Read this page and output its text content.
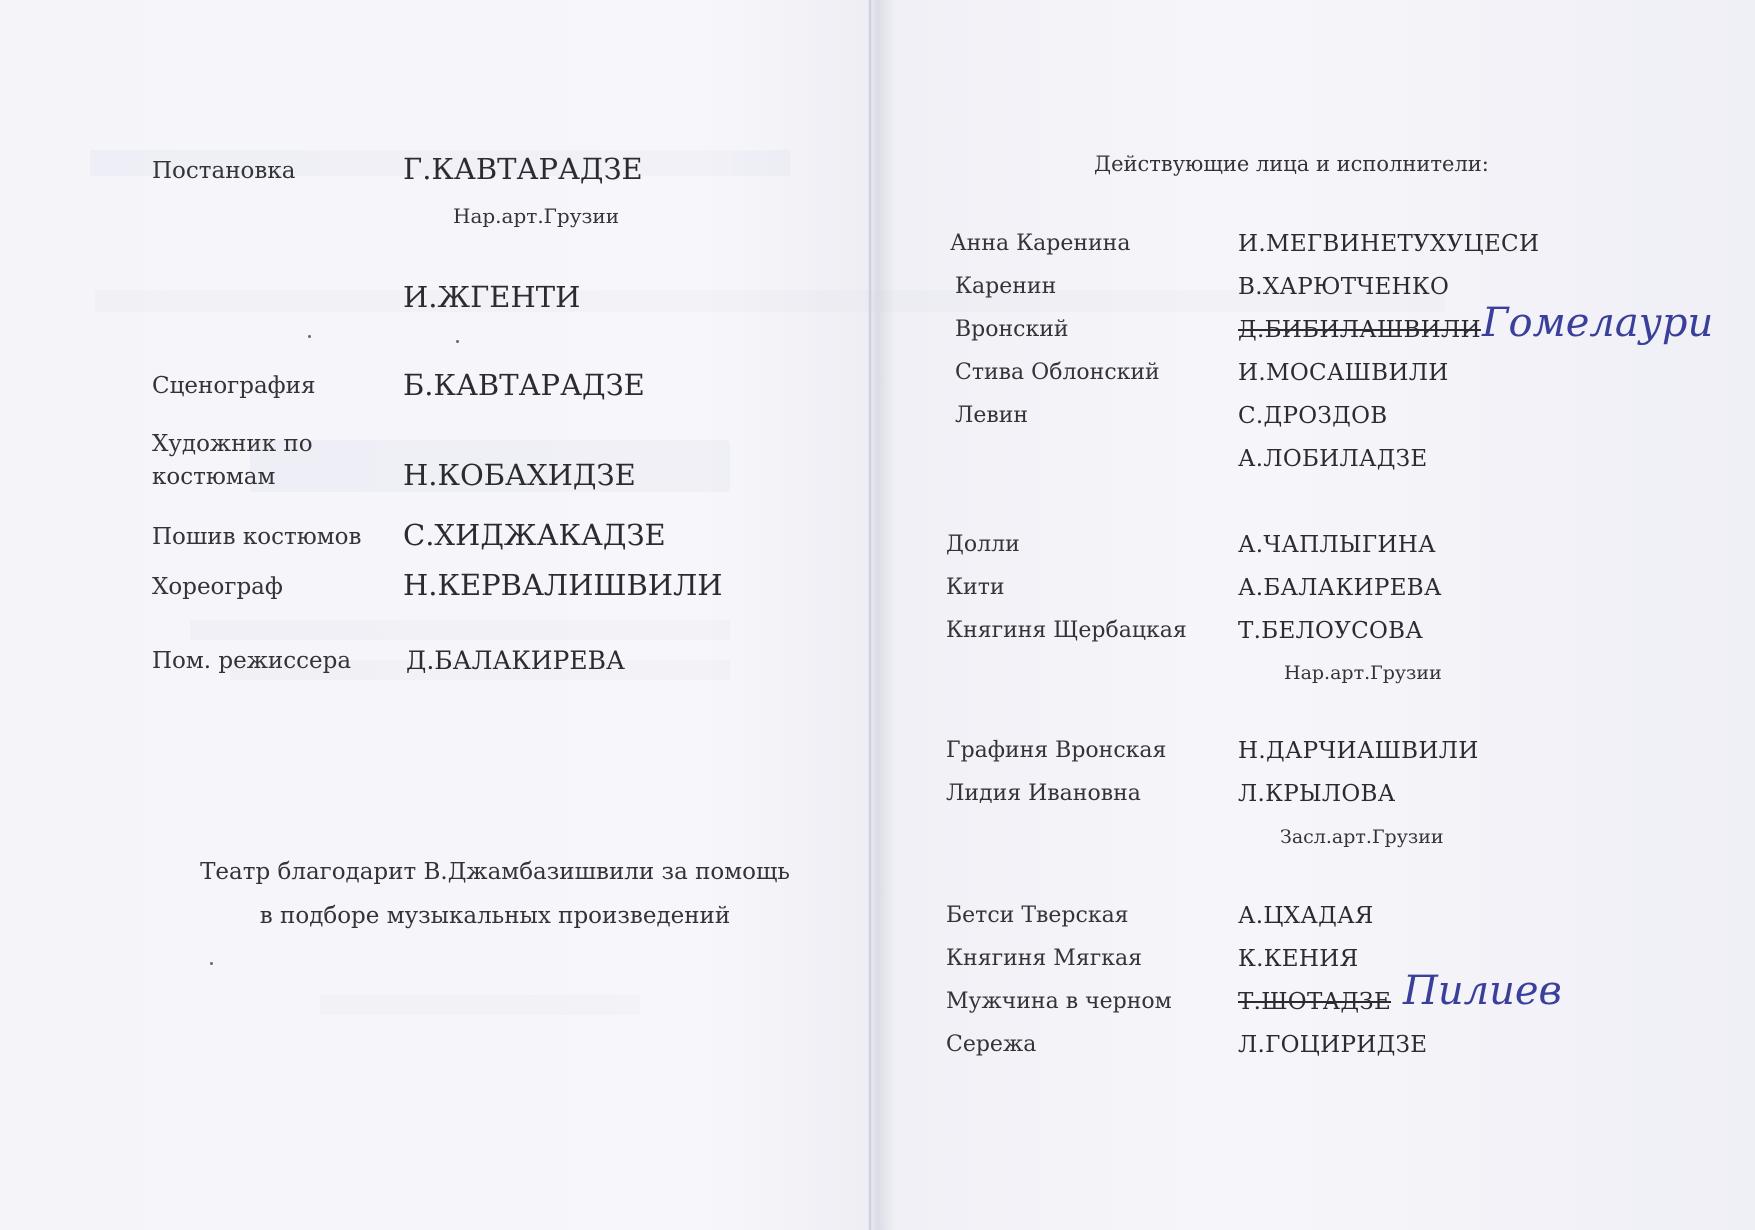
Постановка	Г.КАВТАРАДЗЕ
Нар.арт.Грузии
И.ЖГЕНТИ
Сценография	Б.КАВТАРАДЗЕ
Художник по
костюмам	Н.КОБАХИДЗЕ
Пошив костюмов С.ХИДЖАКАДЗЕ
Хореограф	Н.КЕРВАЛИШВИЛИ
Пом. режиссера Д.БАЛАКИРЕВА
Театр благодарит В.Джамбазишвили за помощь
в подборе музыкальных произведений
Действующие лица и исполнители:
Анна Каренина	И.МЕГВИНЕТУХУЦЕСИ
Каренин	В.ХАРЮТЧЕНКО
Вронский	Д.БИБИЛАШВИЛИ Гомелаури
Стива Облонский	И.МОСАШВИЛИ
Левин	С.ДРОЗДОВ
А.ЛОБИЛАДЗЕ
Долли	А.ЧАПЛЫГИНА
Кити	А.БАЛАКИРЕВА
Княгиня Щербацкая Т.БЕЛОУСОВА
Нар.арт.Грузии
Графиня Вронская	Н.ДАРЧИАШВИЛИ
Лидия Ивановна	Л.КРЫЛОВА
Засл.арт.Грузии
Бетси Тверская	А.ЦХАДАЯ
Княгиня Мягкая	К.КЕНИЯ
Мужчина в черном	Т.ШОТАДЗЕ Пилиев
Сережа	Л.ГОЦИРИДЗЕ
